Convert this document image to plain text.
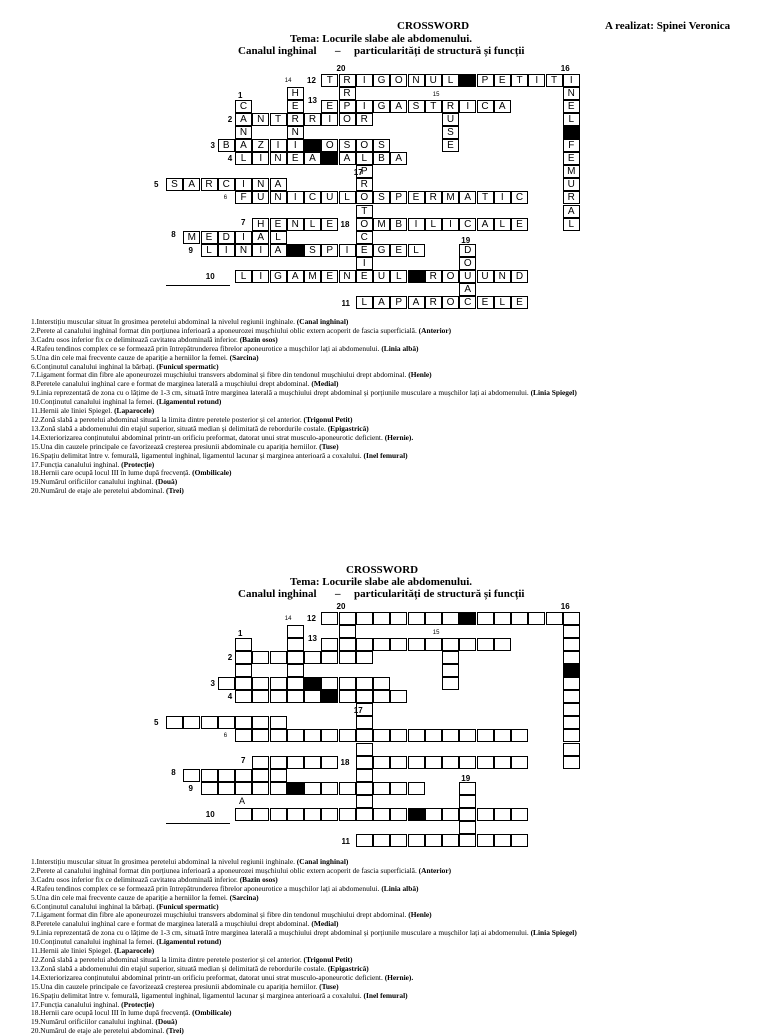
CROSSWORD	A realizat: Spinei Veronica
Tema: Locurile slabe ale abdomenului.
Canalul inghinal – particularități de structură și funcții
T	R	I	G O N	U	L	P	E	T	I	T
C
A
N
A
L
H
E
R
N
I
E
E	P	I	G	A	S	T	R	I	C	A
N	T	R	I	O R
B	Z	I	O	S	O	S
I	N	A	A	L	B	A
U
S
E
I
N
E
L
F
E
M
U
R
A
L
S	A	R	C	I	N	A
F	U	N	I	C	U	L	O	S	P	E	R M A	T	I	C
H	E	N	L	E	O M B	I	L	I	C	A	L	E
M E	D	I	A	L
L	I	N	I	A	S	P	I	E	G	E	L
P
R
T
C
I
E
D
O
U
A
L	I	G	A M E	N	U	L	R O	U	N	D
L	A	P	A	R O C	E	L	E
R
1
2
3
4
5
6
7
8
9
10
11
12
13
14
15
16
17
18
19
20
1.Interstițiu muscular situat în grosimea peretelui abdominal la nivelul regiunii inghinale. (Canal inghinal)
2.Perete al canalului inghinal format din porțiunea inferioară a aponeurozei mușchiului oblic extern acoperit de fascia superficială. (Anterior)
3.Cadru osos inferior fix ce delimitează cavitatea abdominală inferior. (Bazin osos)
4.Rafeu tendinos complex ce se formează prin întrepătrunderea fibrelor aponeurotice a mușchilor lați ai abdomenului. (Linia albă)
5.Una din cele mai frecvente cauze de apariție a herniilor la femei. (Sarcina)
6.Conținutul canalului inghinal la bărbați. (Funicul spermatic)
7.Ligament format din fibre ale aponeurozei mușchiului transvers abdominal și fibre din tendonul mușchiului drept abdominal. (Henle)
8.Peretele canalului inghinal care e format de marginea laterală a mușchiului drept abdominal. (Medial)
9.Linia reprezentată de zona cu o lățime de 1-3 cm, situată între marginea laterală a mușchiului drept abdominal și porțiunile musculare a mușchilor lați ai abdomenului. (Linia Spiegel)
10.Conținutul canalului inghinal la femei. (Ligamentul rotund)
11.Hernii ale liniei Spiegel. (Laparocele)
12.Zonă slabă a peretelui abdominal situată la limita dintre peretele posterior și cel anterior. (Trigonul Petit)
13.Zonă slabă a abdomenului din etajul superior, situată median și delimitată de rebordurile costale. (Epigastrică)
14.Exteriorizarea conținutului abdominal printr-un orificiu preformat, datorat unui strat musculo-aponeurotic deficient. (Hernie).
15.Una din cauzele principale ce favorizează creșterea presiunii abdominale cu apariția herniilor. (Tuse)
16.Spațiu delimitat între v. femurală, ligamentul inghinal, ligamentul lacunar și marginea anterioară a coxalului. (Inel femural)
17.Funcția canalului inghinal. (Protecție)
18.Hernii care ocupă locul III în lume după frecvență. (Ombilicale)
19.Numărul orificiilor canalului inghinal. (Două)
20.Numărul de etaje ale peretelui abdominal. (Trei)
CROSSWORD
Tema: Locurile slabe ale abdomenului.
Canalul inghinal – particularități de structură și funcții
A
1
2
3
4
5
6
7
8
9
10
11
12
13
14
15
16
17
18
19
20
1.Interstițiu muscular situat în grosimea peretelui abdominal la nivelul regiunii inghinale. (Canal inghinal)
2.Perete al canalului inghinal format din porțiunea inferioară a aponeurozei mușchiului oblic extern acoperit de fascia superficială. (Anterior)
3.Cadru osos inferior fix ce delimitează cavitatea abdominală inferior. (Bazin osos)
4.Rafeu tendinos complex ce se formează prin întrepătrunderea fibrelor aponeurotice a mușchilor lați ai abdomenului. (Linia albă)
5.Una din cele mai frecvente cauze de apariție a herniilor la femei. (Sarcina)
6.Conținutul canalului inghinal la bărbați. (Funicul spermatic)
7.Ligament format din fibre ale aponeurozei mușchiului transvers abdominal și fibre din tendonul mușchiului drept abdominal. (Henle)
8.Peretele canalului inghinal care e format de marginea laterală a mușchiului drept abdominal. (Medial)
9.Linia reprezentată de zona cu o lățime de 1-3 cm, situată între marginea laterală a mușchiului drept abdominal și porțiunile musculare a mușchilor lați ai abdomenului. (Linia Spiegel)
10.Conținutul canalului inghinal la femei. (Ligamentul rotund)
11.Hernii ale liniei Spiegel. (Laparocele)
12.Zonă slabă a peretelui abdominal situată la limita dintre peretele posterior și cel anterior. (Trigonul Petit)
13.Zonă slabă a abdomenului din etajul superior, situată median și delimitată de rebordurile costale. (Epigastrică)
14.Exteriorizarea conținutului abdominal printr-un orificiu preformat, datorat unui strat musculo-aponeurotic deficient. (Hernie).
15.Una din cauzele principale ce favorizează creșterea presiunii abdominale cu apariția herniilor. (Tuse)
16.Spațiu delimitat între v. femurală, ligamentul inghinal, ligamentul lacunar și marginea anterioară a coxalului. (Inel femural)
17.Funcția canalului inghinal. (Protecție)
18.Hernii care ocupă locul III în lume după frecvență. (Ombilicale)
19.Numărul orificiilor canalului inghinal. (Două)
20.Numărul de etaje ale peretelui abdominal. (Trei)
